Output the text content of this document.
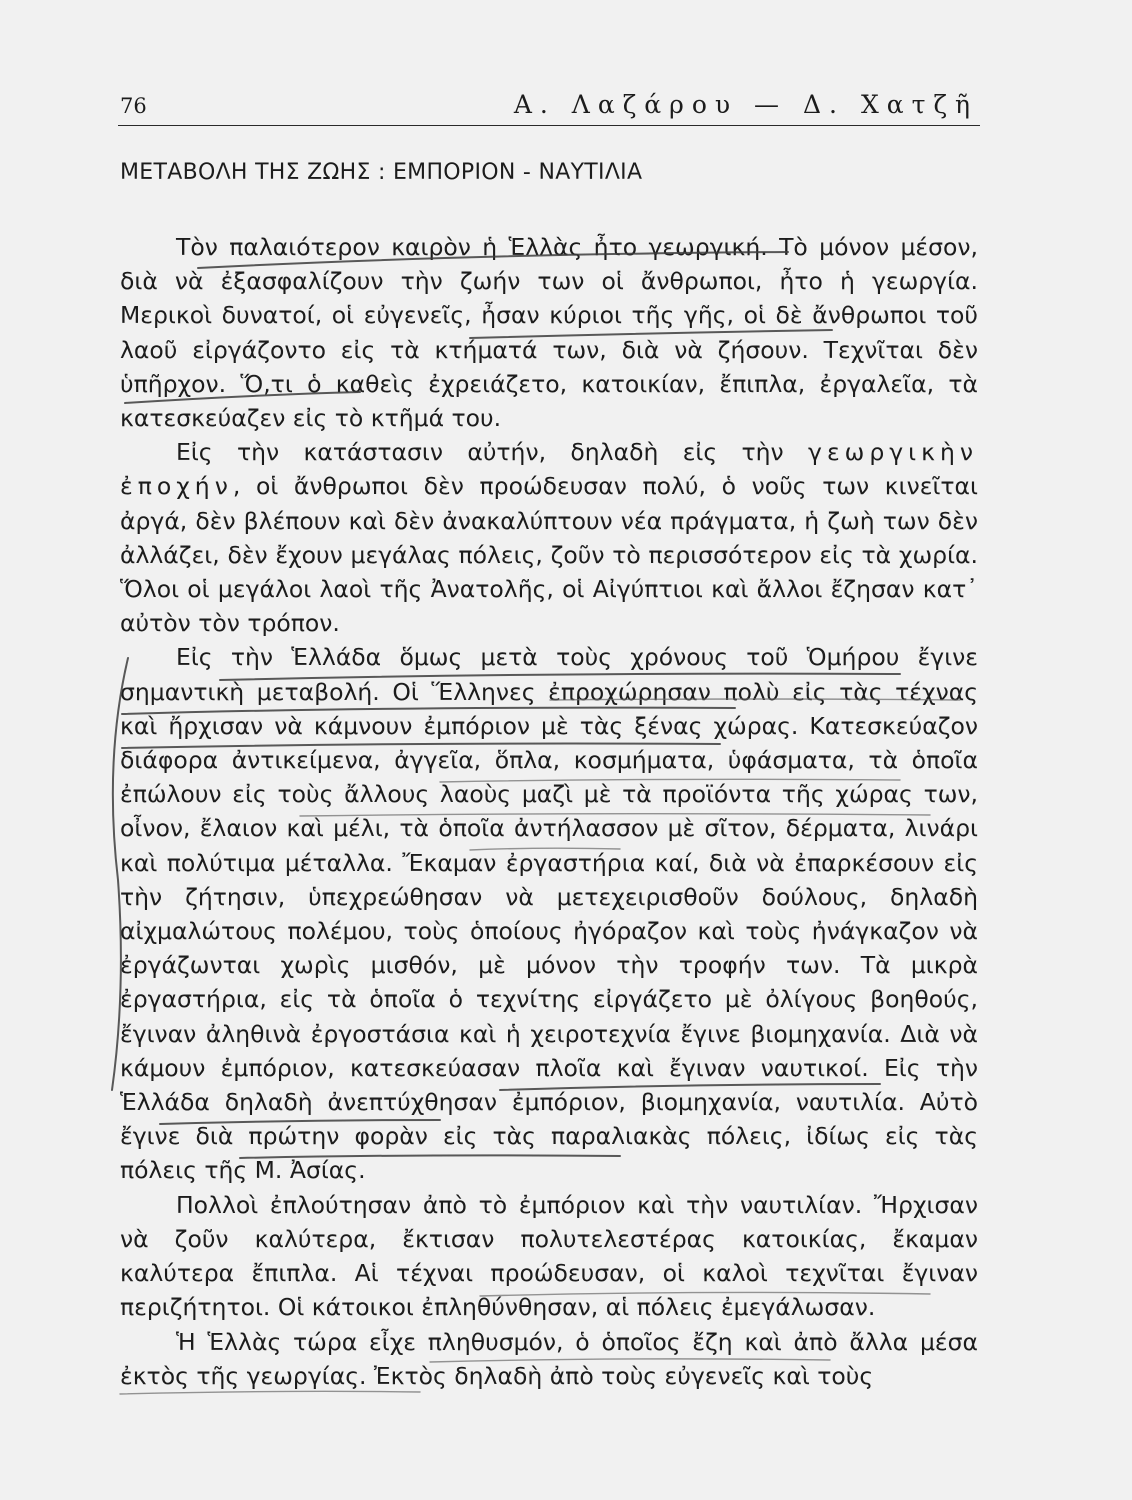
76	Α. Λαζάρου — Δ. Χατζῆ
ΜΕΤΑΒΟΛΗ ΤΗΣ ΖΩΗΣ : ΕΜΠΟΡΙΟΝ - ΝΑΥΤΙΛΙΑ

Τὸν παλαιότερον καιρὸν ἡ Ἑλλὰς ἦτο γεωργική. Τὸ μόνον μέσον, διὰ νὰ ἐξασφαλίζουν τὴν ζωήν των οἱ ἄνθρωποι, ἦτο ἡ γεωργία. Μερικοὶ δυνατοί, οἱ εὐγενεῖς, ἦσαν κύριοι τῆς γῆς, οἱ δὲ ἄνθρωποι τοῦ λαοῦ εἰργάζοντο εἰς τὰ κτήματά των, διὰ νὰ ζήσουν. Τεχνῖται δὲν ὑπῆρχον. Ὅ,τι ὁ καθεὶς ἐχρειάζετο, κατοικίαν, ἔπιπλα, ἐργαλεῖα, τὰ κατεσκεύαζεν εἰς τὸ κτῆμά του.

Εἰς τὴν κατάστασιν αὐτήν, δηλαδὴ εἰς τὴν γεωργικὴν ἐποχήν, οἱ ἄνθρωποι δὲν προώδευσαν πολύ, ὁ νοῦς των κινεῖται ἀργά, δὲν βλέπουν καὶ δὲν ἀνακαλύπτουν νέα πράγματα, ἡ ζωὴ των δὲν ἀλλάζει, δὲν ἔχουν μεγάλας πόλεις, ζοῦν τὸ περισσότερον εἰς τὰ χωρία. Ὅλοι οἱ μεγάλοι λαοὶ τῆς Ἀνατολῆς, οἱ Αἰγύπτιοι καὶ ἄλλοι ἔζησαν κατ᾿ αὐτὸν τὸν τρόπον.

Εἰς τὴν Ἑλλάδα ὅμως μετὰ τοὺς χρόνους τοῦ Ὁμήρου ἔγινε σημαντικὴ μεταβολή. Οἱ Ἕλληνες ἐπροχώρησαν πολὺ εἰς τὰς τέχνας καὶ ἤρχισαν νὰ κάμνουν ἐμπόριον μὲ τὰς ξένας χώρας. Κατεσκεύαζον διάφορα ἀντικείμενα, ἀγγεῖα, ὅπλα, κοσμήματα, ὑφάσματα, τὰ ὁποῖα ἐπώλουν εἰς τοὺς ἄλλους λαοὺς μαζὶ μὲ τὰ προϊόντα τῆς χώρας των, οἶνον, ἔλαιον καὶ μέλι, τὰ ὁποῖα ἀντήλασσον μὲ σῖτον, δέρματα, λινάρι καὶ πολύτιμα μέταλλα. Ἔκαμαν ἐργαστήρια καί, διὰ νὰ ἐπαρκέσουν εἰς τὴν ζήτησιν, ὑπεχρεώθησαν νὰ μετεχειρισθοῦν δούλους, δηλαδὴ αἰχμαλώτους πολέμου, τοὺς ὁποίους ἠγόραζον καὶ τοὺς ἠνάγκαζον νὰ ἐργάζωνται χωρὶς μισθόν, μὲ μόνον τὴν τροφήν των. Τὰ μικρὰ ἐργαστήρια, εἰς τὰ ὁποῖα ὁ τεχνίτης εἰργάζετο μὲ ὀλίγους βοηθούς, ἔγιναν ἀληθινὰ ἐργοστάσια καὶ ἡ χειροτεχνία ἔγινε βιομηχανία. Διὰ νὰ κάμουν ἐμπόριον, κατεσκεύασαν πλοῖα καὶ ἔγιναν ναυτικοί. Εἰς τὴν Ἑλλάδα δηλαδὴ ἀνεπτύχθησαν ἐμπόριον, βιομηχανία, ναυτιλία. Αὐτὸ ἔγινε διὰ πρώτην φορὰν εἰς τὰς παραλιακὰς πόλεις, ἰδίως εἰς τὰς πόλεις τῆς Μ. Ἀσίας.

Πολλοὶ ἐπλούτησαν ἀπὸ τὸ ἐμπόριον καὶ τὴν ναυτιλίαν. Ἤρχισαν νὰ ζοῦν καλύτερα, ἔκτισαν πολυτελεστέρας κατοικίας, ἔκαμαν καλύτερα ἔπιπλα. Αἱ τέχναι προώδευσαν, οἱ καλοὶ τεχνῖται ἔγιναν περιζήτητοι. Οἱ κάτοικοι ἐπληθύνθησαν, αἱ πόλεις ἐμεγάλωσαν.

Ἡ Ἑλλὰς τώρα εἶχε πληθυσμόν, ὁ ὁποῖος ἔζη καὶ ἀπὸ ἄλλα μέσα ἐκτὸς τῆς γεωργίας. Ἐκτὸς δηλαδὴ ἀπὸ τοὺς εὐγενεῖς καὶ τοὺς
